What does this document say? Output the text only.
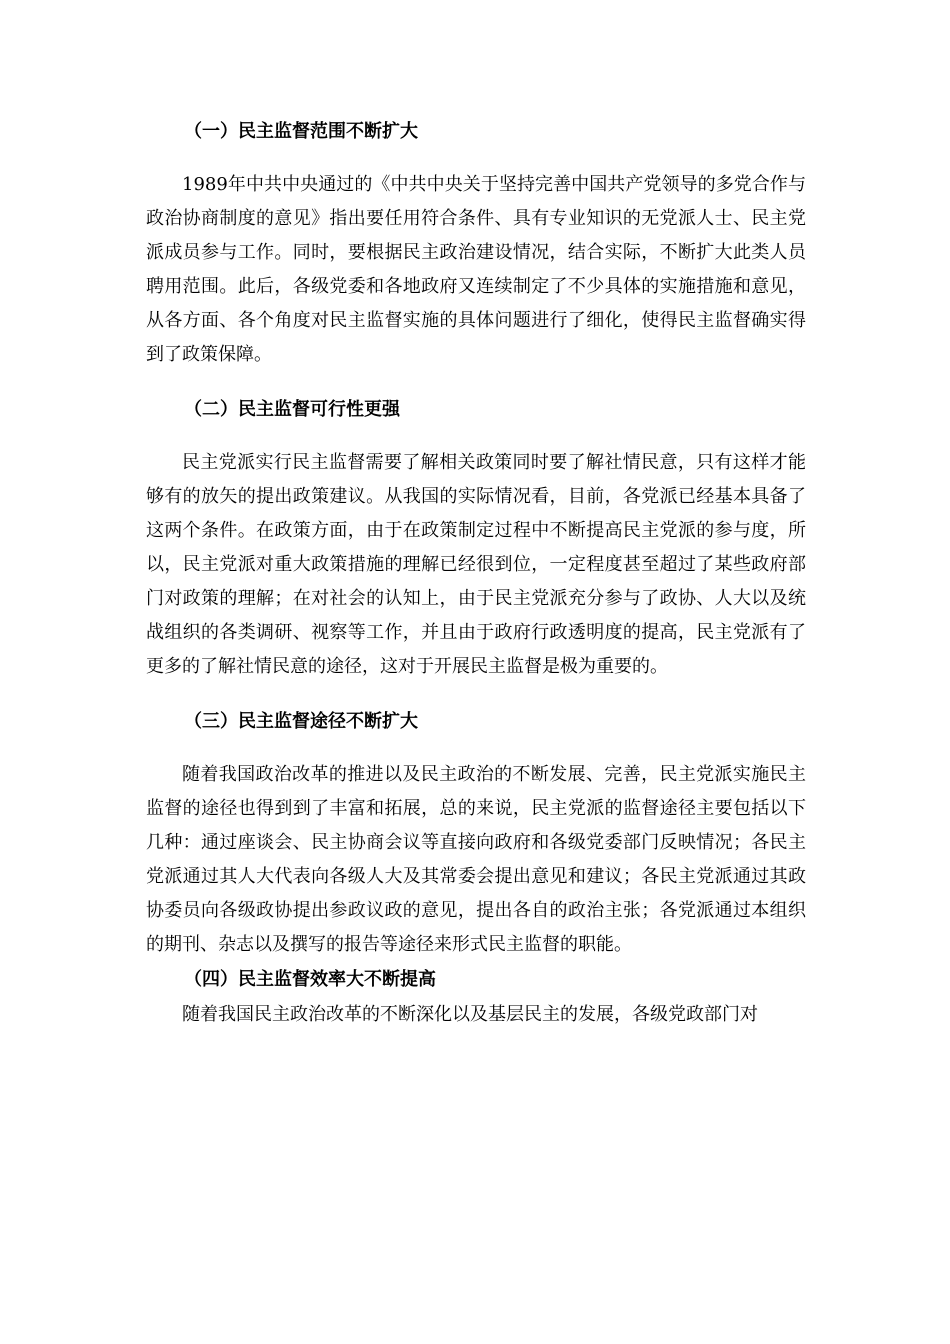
（一）民主监督范围不断扩大

1989年中共中央通过的《中共中央关于坚持完善中国共产党领导的多党合作与政治协商制度的意见》指出要任用符合条件、具有专业知识的无党派人士、民主党派成员参与工作。同时，要根据民主政治建设情况，结合实际，不断扩大此类人员聘用范围。此后，各级党委和各地政府又连续制定了不少具体的实施措施和意见，从各方面、各个角度对民主监督实施的具体问题进行了细化，使得民主监督确实得到了政策保障。

（二）民主监督可行性更强

民主党派实行民主监督需要了解相关政策同时要了解社情民意，只有这样才能够有的放矢的提出政策建议。从我国的实际情况看，目前，各党派已经基本具备了这两个条件。在政策方面，由于在政策制定过程中不断提高民主党派的参与度，所以，民主党派对重大政策措施的理解已经很到位，一定程度甚至超过了某些政府部门对政策的理解；在对社会的认知上，由于民主党派充分参与了政协、人大以及统战组织的各类调研、视察等工作，并且由于政府行政透明度的提高，民主党派有了更多的了解社情民意的途径，这对于开展民主监督是极为重要的。

（三）民主监督途径不断扩大

随着我国政治改革的推进以及民主政治的不断发展、完善，民主党派实施民主监督的途径也得到到了丰富和拓展，总的来说，民主党派的监督途径主要包括以下几种：通过座谈会、民主协商会议等直接向政府和各级党委部门反映情况；各民主党派通过其人大代表向各级人大及其常委会提出意见和建议；各民主党派通过其政协委员向各级政协提出参政议政的意见，提出各自的政治主张；各党派通过本组织的期刊、杂志以及撰写的报告等途径来形式民主监督的职能。

（四）民主监督效率大不断提高

随着我国民主政治改革的不断深化以及基层民主的发展，各级党政部门对
